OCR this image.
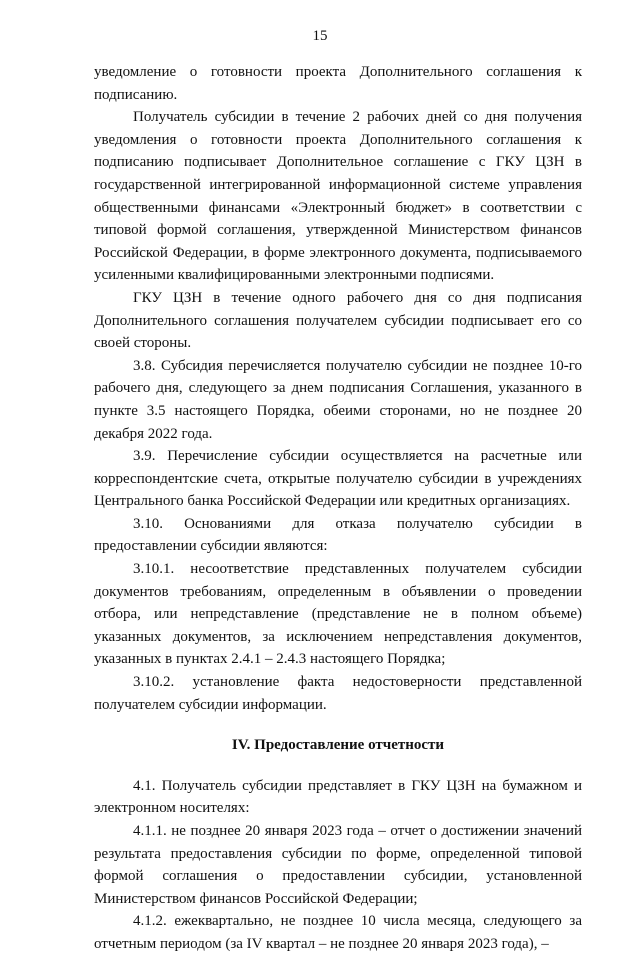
15

уведомление о готовности проекта Дополнительного соглашения к подписанию.

Получатель субсидии в течение 2 рабочих дней со дня получения уведомления о готовности проекта Дополнительного соглашения к подписанию подписывает Дополнительное соглашение с ГКУ ЦЗН в государственной интегрированной информационной системе управления общественными финансами «Электронный бюджет» в соответствии с типовой формой соглашения, утвержденной Министерством финансов Российской Федерации, в форме электронного документа, подписываемого усиленными квалифицированными электронными подписями.

ГКУ ЦЗН в течение одного рабочего дня со дня подписания Дополнительного соглашения получателем субсидии подписывает его со своей стороны.

3.8. Субсидия перечисляется получателю субсидии не позднее 10-го рабочего дня, следующего за днем подписания Соглашения, указанного в пункте 3.5 настоящего Порядка, обеими сторонами, но не позднее 20 декабря 2022 года.

3.9. Перечисление субсидии осуществляется на расчетные или корреспондентские счета, открытые получателю субсидии в учреждениях Центрального банка Российской Федерации или кредитных организациях.

3.10. Основаниями для отказа получателю субсидии в предоставлении субсидии являются:

3.10.1. несоответствие представленных получателем субсидии документов требованиям, определенным в объявлении о проведении отбора, или непредставление (представление не в полном объеме) указанных документов, за исключением непредставления документов, указанных в пунктах 2.4.1 – 2.4.3 настоящего Порядка;

3.10.2. установление факта недостоверности представленной получателем субсидии информации.

IV. Предоставление отчетности

4.1. Получатель субсидии представляет в ГКУ ЦЗН на бумажном и электронном носителях:

4.1.1. не позднее 20 января 2023 года – отчет о достижении значений результата предоставления субсидии по форме, определенной типовой формой соглашения о предоставлении субсидии, установленной Министерством финансов Российской Федерации;

4.1.2. ежеквартально, не позднее 10 числа месяца, следующего за отчетным периодом (за IV квартал – не позднее 20 января 2023 года), –
